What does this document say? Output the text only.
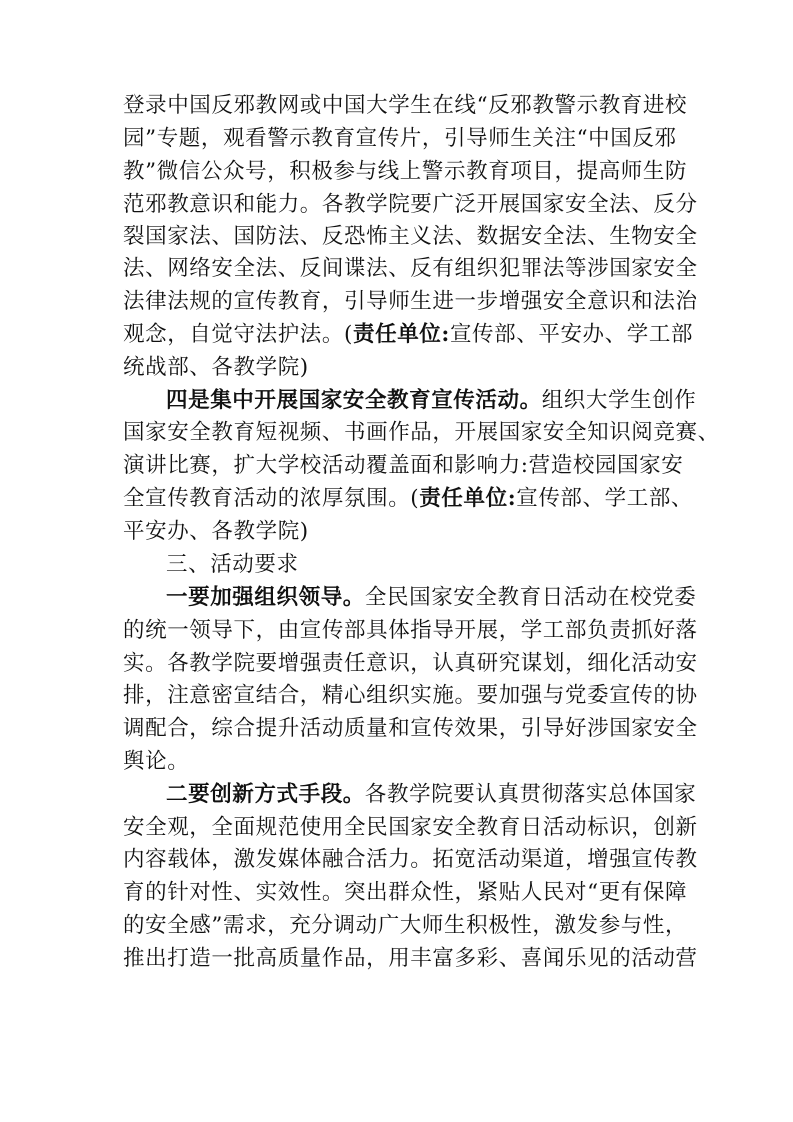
登录中国反邪教网或中国大学生在线“反邪教警示教育进校
园”专题，观看警示教育宣传片，引导师生关注“中国反邪
教”微信公众号，积极参与线上警示教育项目，提高师生防
范邪教意识和能力。各教学院要广泛开展国家安全法、反分
裂国家法、国防法、反恐怖主义法、数据安全法、生物安全
法、网络安全法、反间谍法、反有组织犯罪法等涉国家安全
法律法规的宣传教育，引导师生进一步增强安全意识和法治
观念，自觉守法护法。(责任单位:宣传部、平安办、学工部
统战部、各教学院)
四是集中开展国家安全教育宣传活动。组织大学生创作
国家安全教育短视频、书画作品，开展国家安全知识阅竞赛、
演讲比赛，扩大学校活动覆盖面和影响力:营造校园国家安
全宣传教育活动的浓厚氛围。(责任单位:宣传部、学工部、
平安办、各教学院)
三、活动要求
一要加强组织领导。全民国家安全教育日活动在校党委
的统一领导下，由宣传部具体指导开展，学工部负责抓好落
实。各教学院要增强责任意识，认真研究谋划，细化活动安
排，注意密宣结合，精心组织实施。要加强与党委宣传的协
调配合，综合提升活动质量和宣传效果，引导好涉国家安全
舆论。
二要创新方式手段。各教学院要认真贯彻落实总体国家
安全观，全面规范使用全民国家安全教育日活动标识，创新
内容载体，激发媒体融合活力。拓宽活动渠道，增强宣传教
育的针对性、实效性。突出群众性，紧贴人民对“更有保障
的安全感”需求，充分调动广大师生积极性，激发参与性，
推出打造一批高质量作品，用丰富多彩、喜闻乐见的活动营
